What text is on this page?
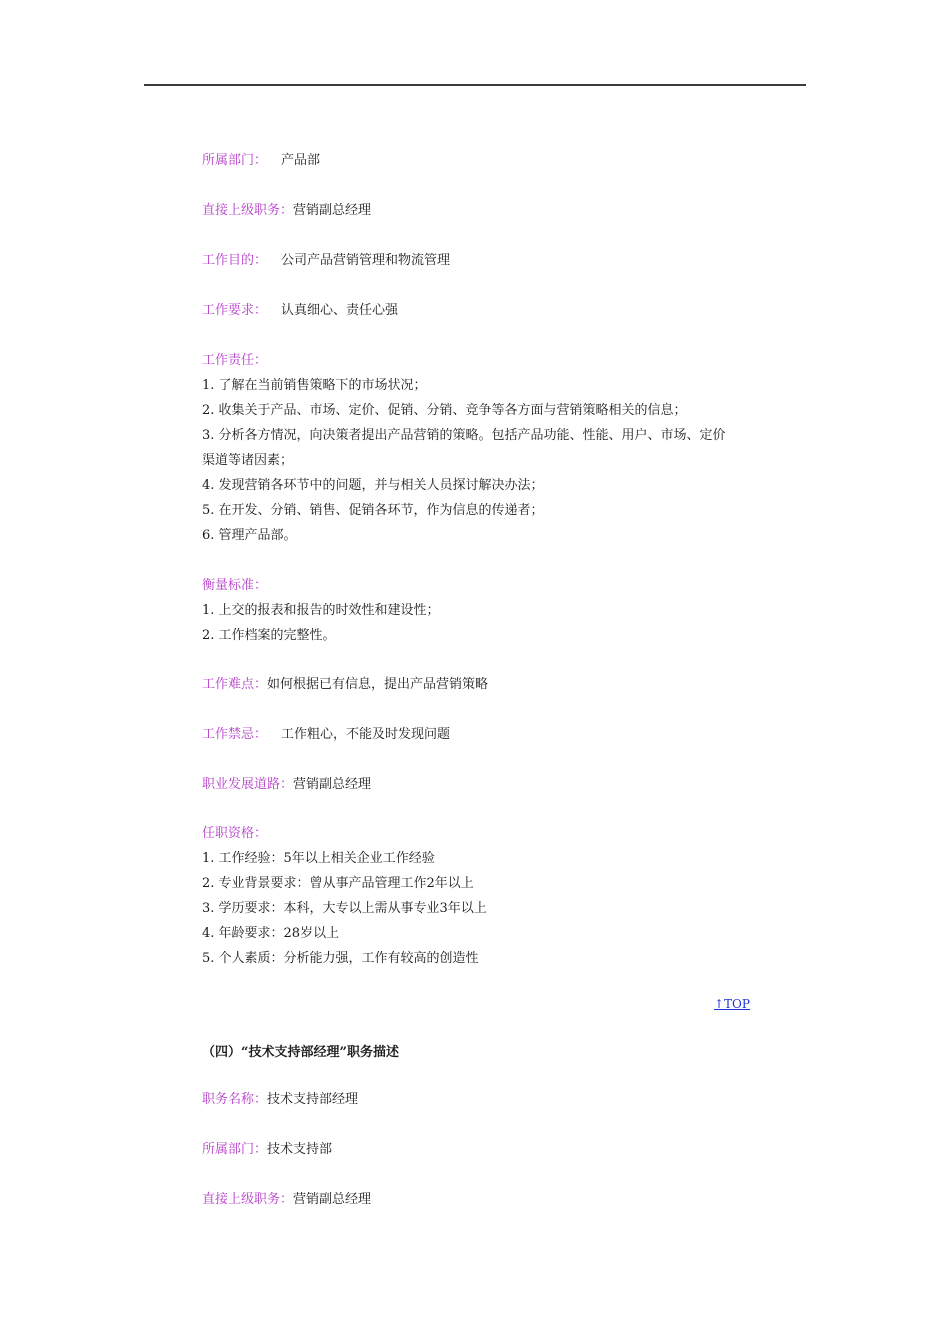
所属部门： 产品部
直接上级职务：营销副总经理
工作目的： 公司产品营销管理和物流管理
工作要求： 认真细心、责任心强
工作责任：
1. 了解在当前销售策略下的市场状况；
2. 收集关于产品、市场、定价、促销、分销、竞争等各方面与营销策略相关的信息；
3. 分析各方情况，向决策者提出产品营销的策略。包括产品功能、性能、用户、市场、定价
渠道等诸因素；
4. 发现营销各环节中的问题，并与相关人员探讨解决办法；
5. 在开发、分销、销售、促销各环节，作为信息的传递者；
6. 管理产品部。
衡量标准：
1. 上交的报表和报告的时效性和建设性；
2. 工作档案的完整性。
工作难点：如何根据已有信息，提出产品营销策略
工作禁忌： 工作粗心，不能及时发现问题
职业发展道路：营销副总经理
任职资格：
1. 工作经验：5年以上相关企业工作经验
2. 专业背景要求：曾从事产品管理工作2年以上
3. 学历要求：本科，大专以上需从事专业3年以上
4. 年龄要求：28岁以上
5. 个人素质：分析能力强，工作有较高的创造性
↑TOP
（四）“技术支持部经理”职务描述
职务名称：技术支持部经理
所属部门：技术支持部
直接上级职务：营销副总经理
